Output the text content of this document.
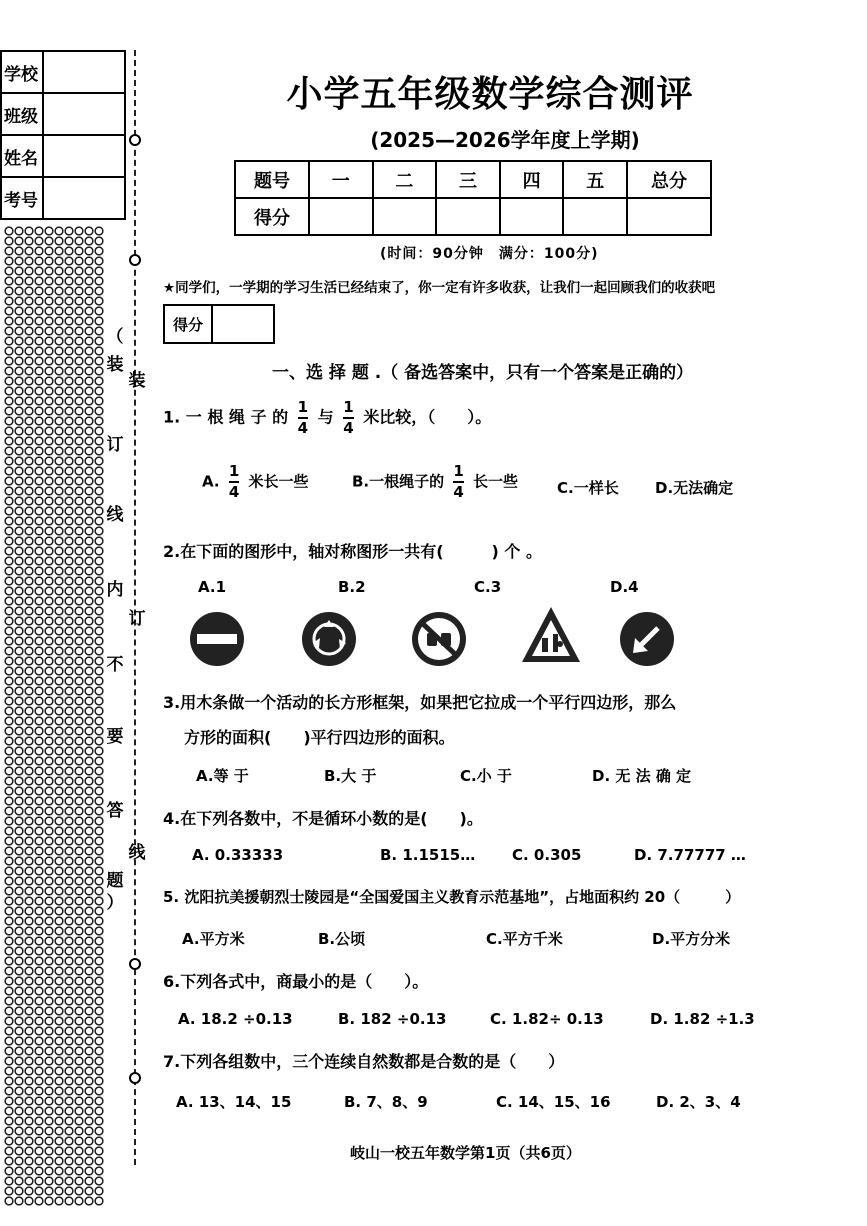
学校	
班级	
姓名	
考号	
（
装
订
线
内
不
要
答
题
）
装
订
线
小学五年级数学综合测评
(2025—2026学年度上学期)
题号	一	二	三	四	五	总分
得分						
(时间：90分钟　满分：100分)
★同学们，一学期的学习生活已经结束了，你一定有许多收获，让我们一起回顾我们的收获吧
得分
一、选 择 题 .（ 备选答案中，只有一个答案是正确的）
1. 一 根 绳 子 的 $\frac{1}{4}$ 与 $\frac{1}{4}$ 米比较，（　　）。
A. $\frac{1}{4}$ 米长一些	B.一根绳子的 $\frac{1}{4}$ 长一些	C.一样长 D.无法确定
2.在下面的图形中，轴对称图形一共有(　　　) 个 。
A.1	B.2	C.3	D.4
3.用木条做一个活动的长方形框架，如果把它拉成一个平行四边形，那么
方形的面积(　　)平行四边形的面积。
A.等 于	B.大 于	C.小 于	D. 无 法 确 定
4.在下列各数中，不是循环小数的是(　　)。
A. 0.33333	B. 1.1515… C. 0.305	D. 7.77777 …
5. 沈阳抗美援朝烈士陵园是“全国爱国主义教育示范基地”，占地面积约 20（　　　）
A.平方米	B.公顷	C.平方千米	D.平方分米
6.下列各式中，商最小的是（　　）。
A. 18.2 ÷0.13	B. 182 ÷0.13	C. 1.82÷ 0.13	D. 1.82 ÷1.3
7.下列各组数中，三个连续自然数都是合数的是（　　）
A. 13、14、15	B. 7、8、9	C. 14、15、16	D. 2、3、4
岐山一校五年数学第1页（共6页）
